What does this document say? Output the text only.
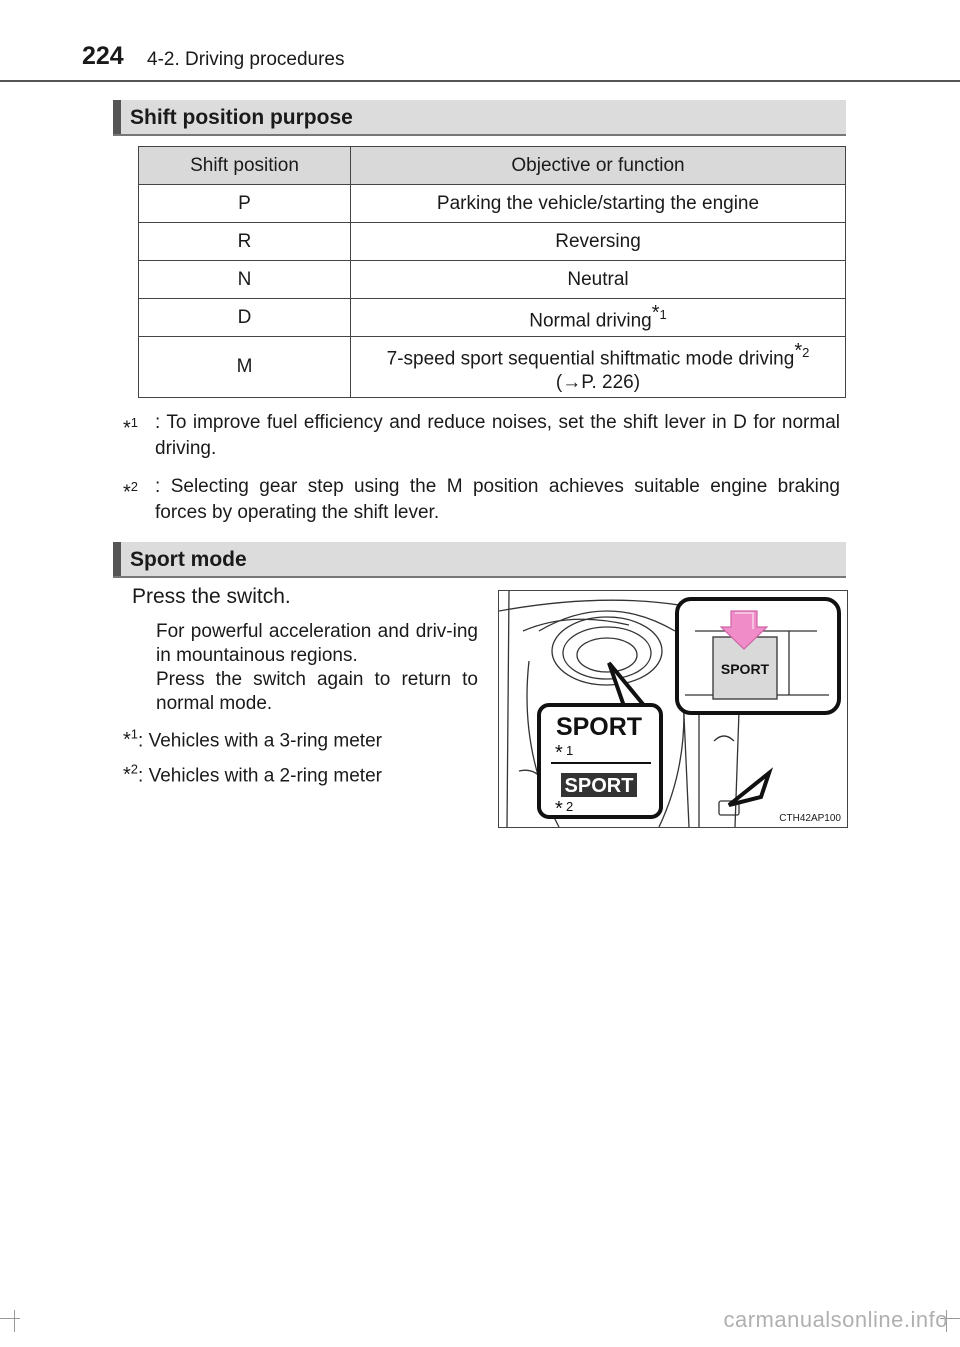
224 4-2. Driving procedures
Shift position purpose
Shift position	Objective or function
P	Parking the vehicle/starting the engine
R	Reversing
N	Neutral
D	Normal driving$^{*1}$
M	7-speed sport sequential shiftmatic mode driving$^{*2}$
(→P. 226)
*$^1$ : To improve fuel efficiency and reduce noises, set the shift lever in D for normal driving.
*$^2$ : Selecting gear step using the M position achieves suitable engine braking forces by operating the shift lever.
Sport mode
Press the switch.

For powerful acceleration and driv-ing in mountainous regions.

Press the switch again to return to normal mode.

*$^1$: Vehicles with a 3-ring meter
*$^2$: Vehicles with a 2-ring meter
SPORT
SPORT
* 1
SPORT
* 2
CTH42AP100
carmanualsonline.info
